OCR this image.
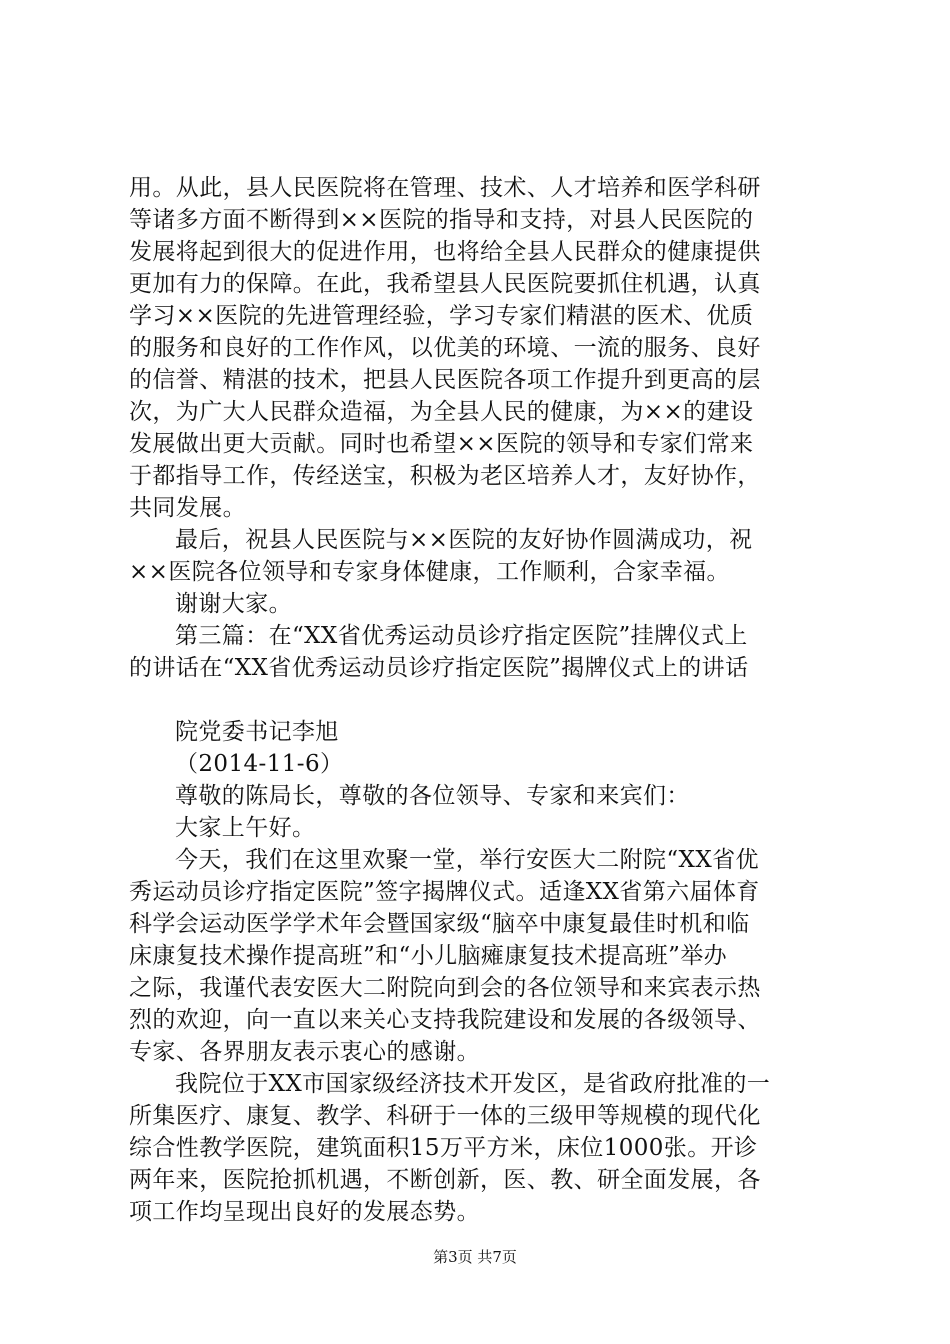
用。从此，县人民医院将在管理、技术、人才培养和医学科研
等诸多方面不断得到××医院的指导和支持，对县人民医院的
发展将起到很大的促进作用，也将给全县人民群众的健康提供
更加有力的保障。在此，我希望县人民医院要抓住机遇，认真
学习××医院的先进管理经验，学习专家们精湛的医术、优质
的服务和良好的工作作风，以优美的环境、一流的服务、良好
的信誉、精湛的技术，把县人民医院各项工作提升到更高的层
次，为广大人民群众造福，为全县人民的健康，为××的建设
发展做出更大贡献。同时也希望××医院的领导和专家们常来
于都指导工作，传经送宝，积极为老区培养人才，友好协作，
共同发展。
最后，祝县人民医院与××医院的友好协作圆满成功，祝
××医院各位领导和专家身体健康，工作顺利，合家幸福。
谢谢大家。
第三篇：在“XX省优秀运动员诊疗指定医院”挂牌仪式上
的讲话在“XX省优秀运动员诊疗指定医院”揭牌仪式上的讲话
院党委书记李旭
（2014-11-6）
尊敬的陈局长，尊敬的各位领导、专家和来宾们：
大家上午好。
今天，我们在这里欢聚一堂，举行安医大二附院“XX省优
秀运动员诊疗指定医院”签字揭牌仪式。适逢XX省第六届体育
科学会运动医学学术年会暨国家级“脑卒中康复最佳时机和临
床康复技术操作提高班”和“小儿脑瘫康复技术提高班”举办
之际，我谨代表安医大二附院向到会的各位领导和来宾表示热
烈的欢迎，向一直以来关心支持我院建设和发展的各级领导、
专家、各界朋友表示衷心的感谢。
我院位于XX市国家级经济技术开发区，是省政府批准的一
所集医疗、康复、教学、科研于一体的三级甲等规模的现代化
综合性教学医院，建筑面积15万平方米，床位1000张。开诊
两年来，医院抢抓机遇，不断创新，医、教、研全面发展，各
项工作均呈现出良好的发展态势。
第3页 共7页
